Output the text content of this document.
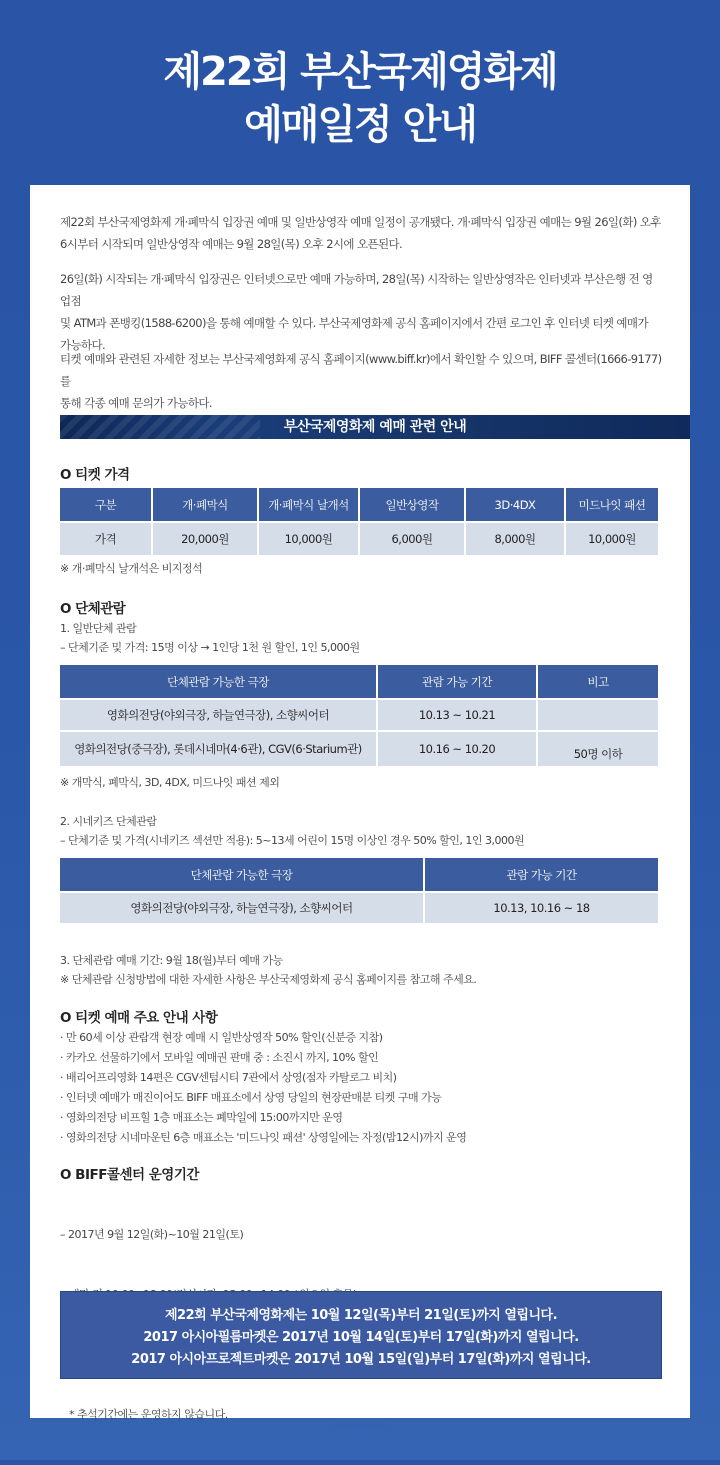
제22회 부산국제영화제
예매일정 안내
제22회 부산국제영화제 개·폐막식 입장권 예매 및 일반상영작 예매 일정이 공개됐다. 개·폐막식 입장권 예매는 9월 26일(화) 오후
6시부터 시작되며 일반상영작 예매는 9월 28일(목) 오후 2시에 오픈된다.
26일(화) 시작되는 개·폐막식 입장권은 인터넷으로만 예매 가능하며, 28일(목) 시작하는 일반상영작은 인터넷과 부산은행 전 영업점
및 ATM과 폰뱅킹(1588-6200)을 통해 예매할 수 있다. 부산국제영화제 공식 홈페이지에서 간편 로그인 후 인터넷 티켓 예매가
가능하다.
티켓 예매와 관련된 자세한 정보는 부산국제영화제 공식 홈페이지(www.biff.kr)에서 확인할 수 있으며, BIFF 콜센터(1666-9177)를
통해 각종 예매 문의가 가능하다.
부산국제영화제 예매 관련 안내
O 티켓 가격
구분	개·폐막식	개·폐막식 날개석	일반상영작	3D·4DX	미드나잇 패션

가격	20,000원	10,000원	6,000원	8,000원	10,000원
※ 개·폐막식 날개석은 비지정석
O 단체관람
1. 일반단체 관람
– 단체기준 및 가격: 15명 이상 → 1인당 1천 원 할인, 1인 5,000원
단체관람 가능한 극장	관람 가능 기간	비고

영화의전당(야외극장, 하늘연극장), 소향씨어터	10.13 ~ 10.21	

영화의전당(중극장), 롯데시네마(4·6관), CGV(6·Starium관)	10.16 ~ 10.20	50명 이하
※ 개막식, 폐막식, 3D, 4DX, 미드나잇 패션 제외
2. 시네키즈 단체관람
– 단체기준 및 가격(시네키즈 섹션만 적용): 5~13세 어린이 15명 이상인 경우 50% 할인, 1인 3,000원
단체관람 가능한 극장	관람 가능 기간

영화의전당(야외극장, 하늘연극장), 소향씨어터	10.13, 10.16 ~ 18
3. 단체관람 예매 기간: 9월 18(월)부터 예매 가능
※ 단체관람 신청방법에 대한 자세한 사항은 부산국제영화제 공식 홈페이지를 참고해 주세요.
O 티켓 예매 주요 안내 사항
· 만 60세 이상 관람객 현장 예매 시 일반상영작 50% 할인(신분증 지참)
· 카카오 선물하기에서 모바일 예매권 판매 중 : 소진시 까지, 10% 할인
· 배리어프리영화 14편은 CGV센텀시티 7관에서 상영(점자 카탈로그 비치)
· 인터넷 예매가 매진이어도 BIFF 매표소에서 상영 당일의 현장판매분 티켓 구매 가능
· 영화의전당 비프힐 1층 매표소는 폐막일에 15:00까지만 운영
· 영화의전당 시네마운틴 6층 매표소는 '미드나잇 패션' 상영일에는 자정(밤12시)까지 운영
O BIFF콜센터 운영기간

– 2017년 9월 12일(화)~10월 21일(토)

* 추석기간에는 운영하지 않습니다.

제22회 부산국제영화제는 10월 12일(목)부터 21일(토)까지 열립니다.
2017 아시아필름마켓은 2017년 10월 14일(토)부터 17일(화)까지 열립니다.
2017 아시아프로젝트마켓은 2017년 10월 15일(일)부터 17일(화)까지 열립니다.
